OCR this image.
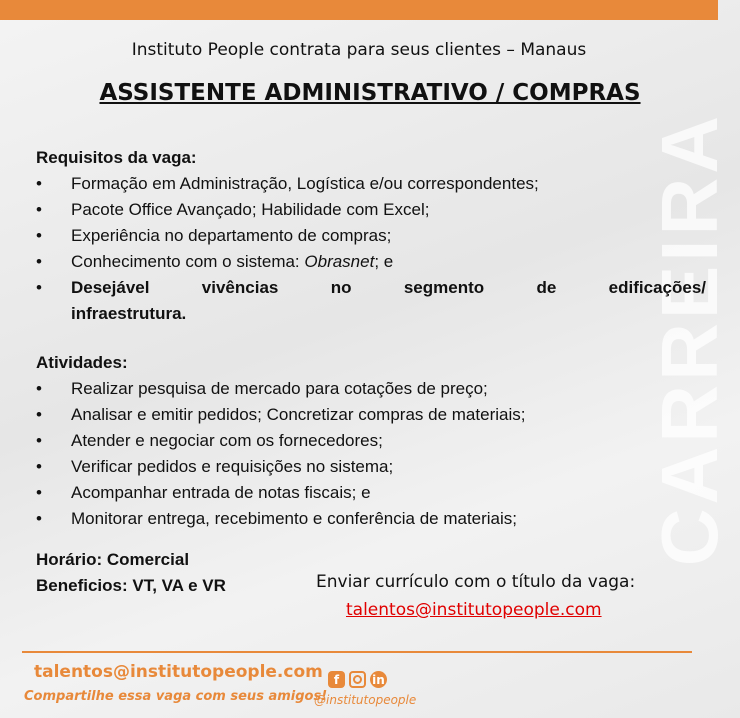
CARREIRA
Instituto People contrata para seus clientes – Manaus
ASSISTENTE ADMINISTRATIVO / COMPRAS
Requisitos da vaga:
• Formação em Administração, Logística e/ou correspondentes;
• Pacote Office Avançado; Habilidade com Excel;
• Experiência no departamento de compras;
• Conhecimento com o sistema: Obrasnet; e
• Desejável vivências no segmento de edificações/
infraestrutura.
Atividades:
• Realizar pesquisa de mercado para cotações de preço;
• Analisar e emitir pedidos; Concretizar compras de materiais;
• Atender e negociar com os fornecedores;
• Verificar pedidos e requisições no sistema;
• Acompanhar entrada de notas fiscais; e
• Monitorar entrega, recebimento e conferência de materiais;
Horário: Comercial
Beneficios: VT, VA e VR	Enviar currículo com o título da vaga:
talentos@institutopeople.com
talentos@institutopeople.com
Compartilhe essa vaga com seus amigos!
f	in
@institutopeople
